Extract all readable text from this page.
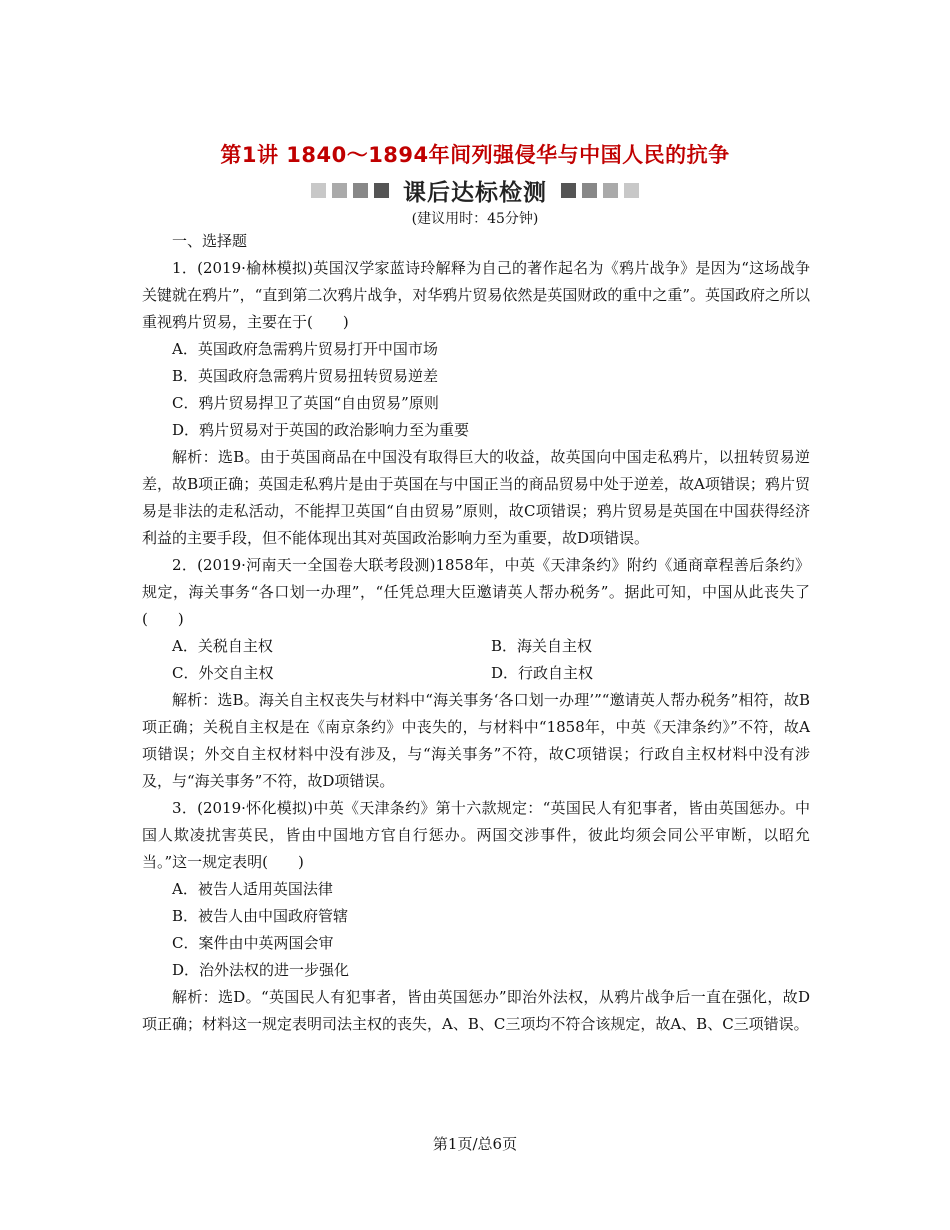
第1讲 1840～1894年间列强侵华与中国人民的抗争
课后达标检测
(建议用时：45分钟)

一、选择题

1．(2019·榆林模拟)英国汉学家蓝诗玲解释为自己的著作起名为《鸦片战争》是因为“这场战争关键就在鸦片”，“直到第二次鸦片战争，对华鸦片贸易依然是英国财政的重中之重”。英国政府之所以重视鸦片贸易，主要在于(　　)

A．英国政府急需鸦片贸易打开中国市场

B．英国政府急需鸦片贸易扭转贸易逆差

C．鸦片贸易捍卫了英国“自由贸易”原则

D．鸦片贸易对于英国的政治影响力至为重要

解析：选B。由于英国商品在中国没有取得巨大的收益，故英国向中国走私鸦片，以扭转贸易逆差，故B项正确；英国走私鸦片是由于英国在与中国正当的商品贸易中处于逆差，故A项错误；鸦片贸易是非法的走私活动，不能捍卫英国“自由贸易”原则，故C项错误；鸦片贸易是英国在中国获得经济利益的主要手段，但不能体现出其对英国政治影响力至为重要，故D项错误。

2．(2019·河南天一全国卷大联考段测)1858年，中英《天津条约》附约《通商章程善后条约》规定，海关事务“各口划一办理”，“任凭总理大臣邀请英人帮办税务”。据此可知，中国从此丧失了(　　)

A．关税自主权	B．海关自主权

C．外交自主权	D．行政自主权

解析：选B。海关自主权丧失与材料中“海关事务‘各口划一办理’”“邀请英人帮办税务”相符，故B项正确；关税自主权是在《南京条约》中丧失的，与材料中“1858年，中英《天津条约》”不符，故A项错误；外交自主权材料中没有涉及，与“海关事务”不符，故C项错误；行政自主权材料中没有涉及，与“海关事务”不符，故D项错误。

3．(2019·怀化模拟)中英《天津条约》第十六款规定：“英国民人有犯事者，皆由英国惩办。中国人欺凌扰害英民，皆由中国地方官自行惩办。两国交涉事件，彼此均须会同公平审断，以昭允当。”这一规定表明(　　)

A．被告人适用英国法律

B．被告人由中国政府管辖

C．案件由中英两国会审

D．治外法权的进一步强化

解析：选D。“英国民人有犯事者，皆由英国惩办”即治外法权，从鸦片战争后一直在强化，故D项正确；材料这一规定表明司法主权的丧失，A、B、C三项均不符合该规定，故A、B、C三项错误。

第1页/总6页
